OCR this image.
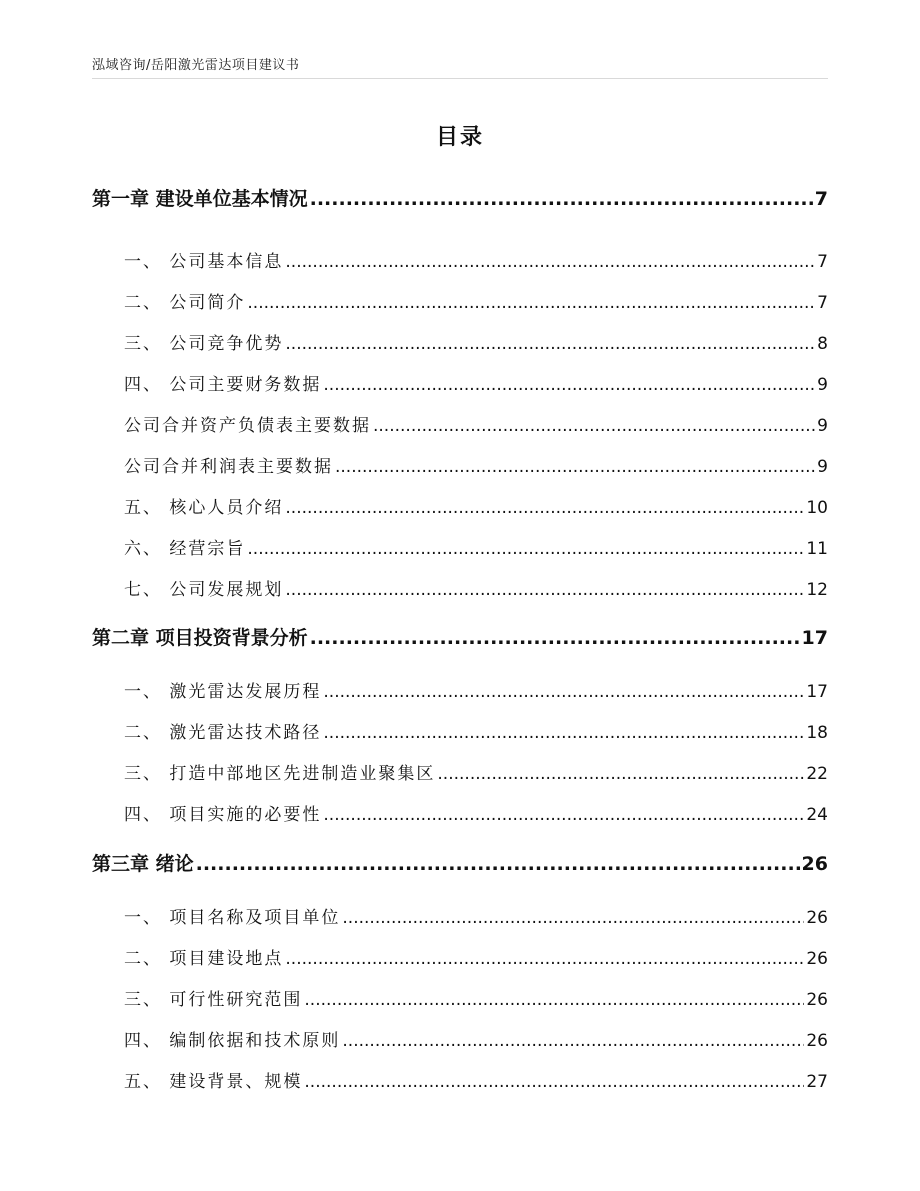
泓域咨询/岳阳激光雷达项目建议书
目录
第一章 建设单位基本情况 .....	7
一、 公司基本信息 .....	7
二、 公司简介 .....	7
三、 公司竞争优势 .....	8
四、 公司主要财务数据 .....	9
公司合并资产负债表主要数据 .....	9
公司合并利润表主要数据 .....	9
五、 核心人员介绍 .....	10
六、 经营宗旨 .....	11
七、 公司发展规划 .....	12
第二章 项目投资背景分析 .....	17
一、 激光雷达发展历程 .....	17
二、 激光雷达技术路径 .....	18
三、 打造中部地区先进制造业聚集区 .....	22
四、 项目实施的必要性 .....	24
第三章 绪论 .....	26
一、 项目名称及项目单位 .....	26
二、 项目建设地点 .....	26
三、 可行性研究范围 .....	26
四、 编制依据和技术原则 .....	26
五、 建设背景、规模 .....	27
